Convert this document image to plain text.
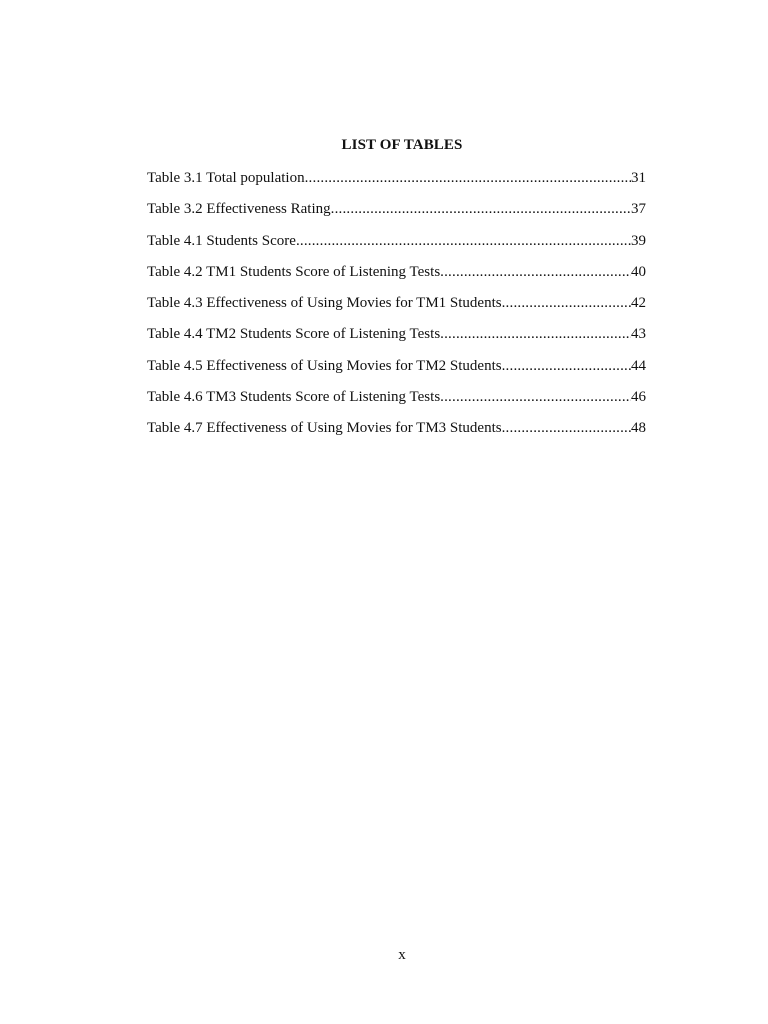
LIST OF TABLES
Table 3.1 Total population .....	31
Table 3.2 Effectiveness Rating .....	37
Table 4.1 Students Score .....	39
Table 4.2 TM1 Students Score of Listening Tests .....	40
Table 4.3 Effectiveness of Using Movies for TM1 Students .....	42
Table 4.4 TM2 Students Score of Listening Tests .....	43
Table 4.5 Effectiveness of Using Movies for TM2 Students .....	44
Table 4.6 TM3 Students Score of Listening Tests .....	46
Table 4.7 Effectiveness of Using Movies for TM3 Students .....	48
x
